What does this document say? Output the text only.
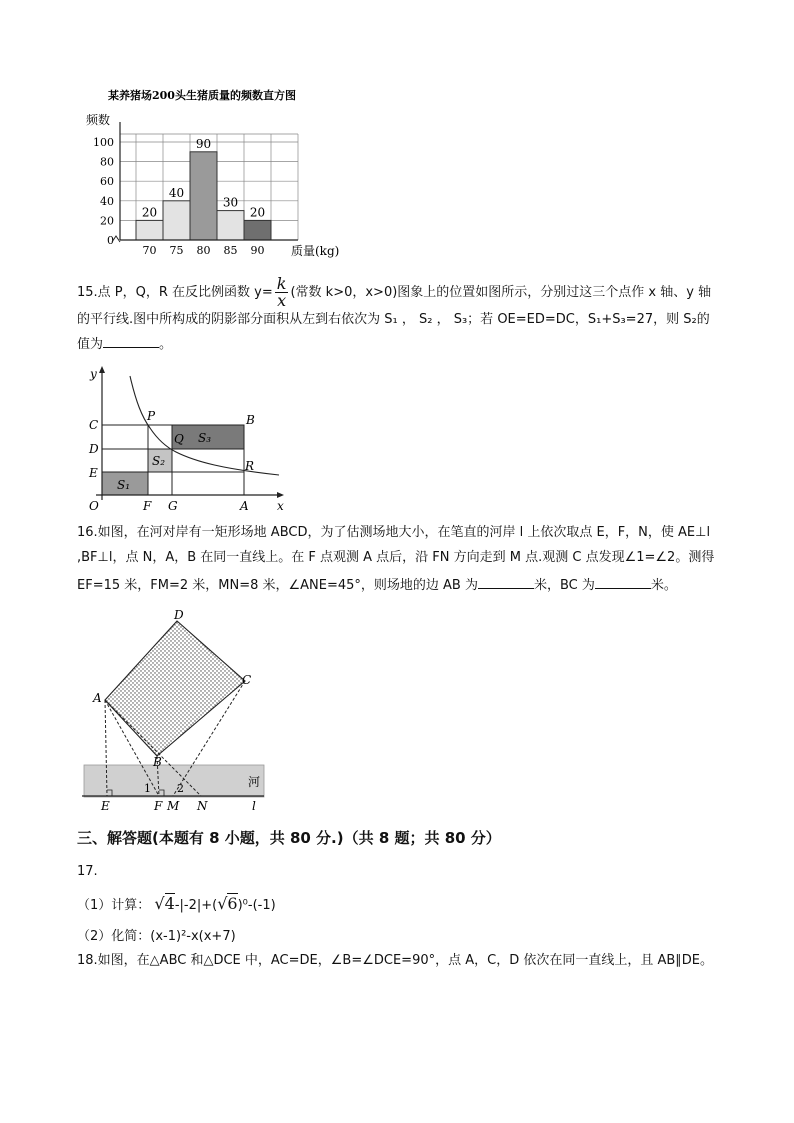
某养猪场200头生猪质量的频数直方图
频数
20
40
90
30
20
0
20
40
60
80
100
70 75 80 85 90 质量(kg)
15.点 P，Q，R 在反比例函数 $y= \frac{k}{x}$ (常数 k>0，x>0)图象上的位置如图所示，分别过这三个点作 x 轴、y 轴
的平行线.图中所构成的阴影部分面积从左到右依次为 S₁ ， S₂ ， S₃；若 OE=ED=DC，S₁+S₃=27，则 S₂的
值为	。
y
x
O
C
D
E
P
Q
R
B
F G	A
S₁
S₂
S₃
16.如图，在河对岸有一矩形场地 ABCD，为了估测场地大小，在笔直的河岸 l 上依次取点 E，F，N，使 AE⊥l
,BF⊥l，点 N，A，B 在同一直线上。在 F 点观测 A 点后，沿 FN 方向走到 M 点.观测 C 点发现∠1=∠2。测得
EF=15 米，FM=2 米，MN=8 米，∠ANE=45°，则场地的边 AB 为	米，BC 为	米。
D
A
C
B
E	F M N	l
1 2	河
三、解答题(本题有 8 小题，共 80 分.)（共 8 题；共 80 分）
17.
（1）计算： √4-|-2|+(√6)⁰-(-1)
（2）化简：(x-1)²-x(x+7)
18.如图，在△ABC 和△DCE 中，AC=DE，∠B=∠DCE=90°，点 A，C，D 依次在同一直线上，且 AB∥DE。
